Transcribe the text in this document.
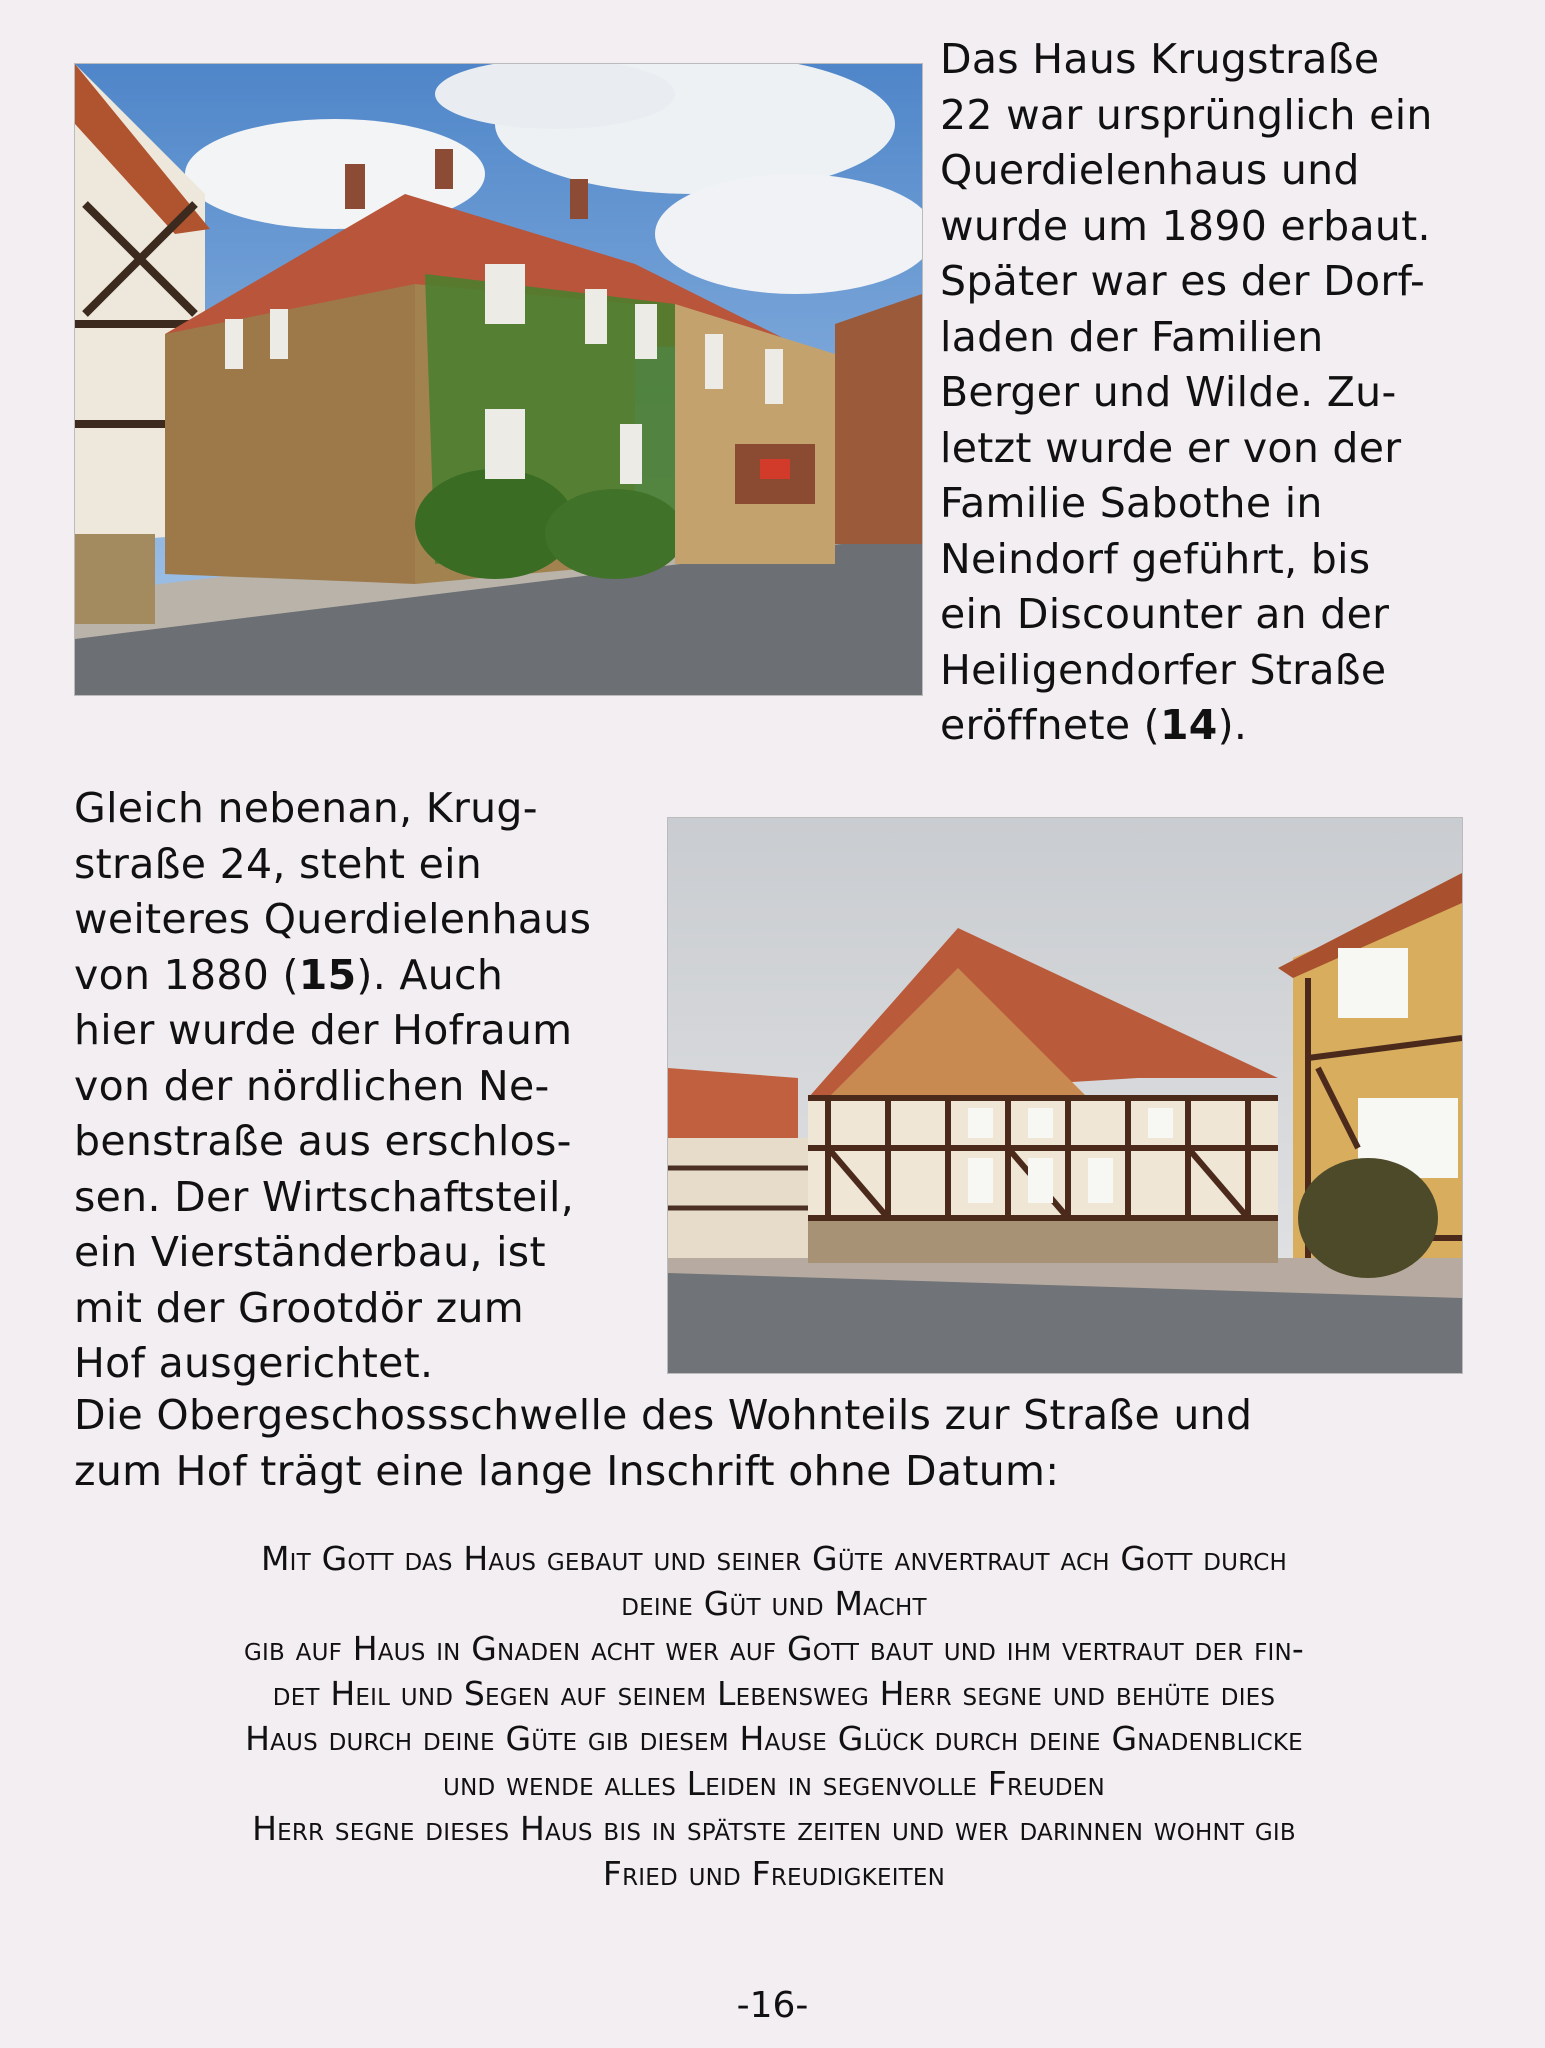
Das Haus Krugstraße
22 war ursprünglich ein
Querdielenhaus und
wurde um 1890 erbaut.
Später war es der Dorf-
laden der Familien
Berger und Wilde. Zu-
letzt wurde er von der
Familie Sabothe in
Neindorf geführt, bis
ein Discounter an der
Heiligendorfer Straße
eröffnete (14).
Gleich nebenan, Krug-
straße 24, steht ein
weiteres Querdielenhaus
von 1880 (15). Auch
hier wurde der Hofraum
von der nördlichen Ne-
benstraße aus erschlos-
sen. Der Wirtschaftsteil,
ein Vierständerbau, ist
mit der Grootdör zum
Hof ausgerichtet.
Die Obergeschossschwelle des Wohnteils zur Straße und
zum Hof trägt eine lange Inschrift ohne Datum:
Mit Gott das Haus gebaut und seiner Güte anvertraut ach Gott durch
deine Güt und Macht
gib auf Haus in Gnaden acht wer auf Gott baut und ihm vertraut der fin-
det Heil und Segen auf seinem Lebensweg Herr segne und behüte dies
Haus durch deine Güte gib diesem Hause Glück durch deine Gnadenblicke
und wende alles Leiden in segenvolle Freuden
Herr segne dieses Haus bis in spätste zeiten und wer darinnen wohnt gib
Fried und Freudigkeiten
-16-
